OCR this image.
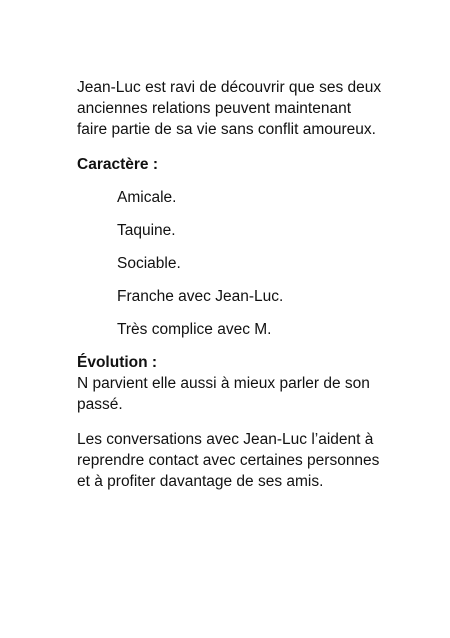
Jean-Luc est ravi de découvrir que ses deux
anciennes relations peuvent maintenant
faire partie de sa vie sans conflit amoureux.

Caractère :
Amicale.
Taquine.
Sociable.
Franche avec Jean-Luc.
Très complice avec M.
Évolution :

N parvient elle aussi à mieux parler de son
passé.

Les conversations avec Jean-Luc l’aident à
reprendre contact avec certaines personnes
et à profiter davantage de ses amis.
